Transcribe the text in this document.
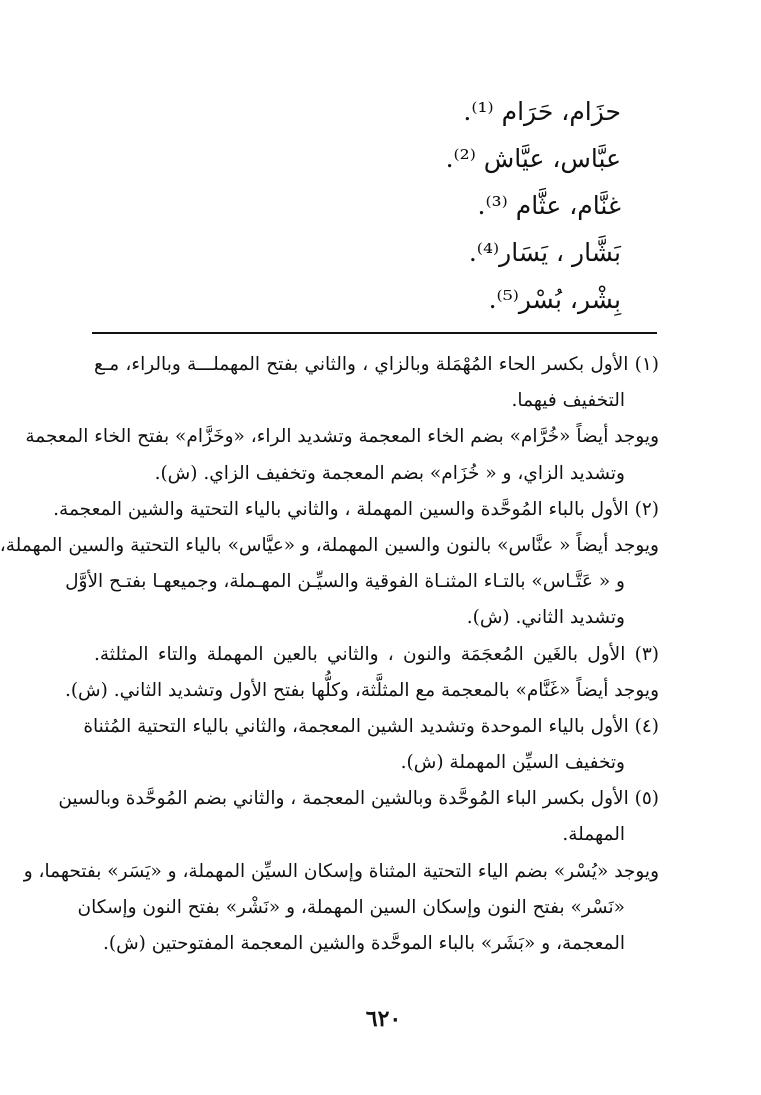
حزَام، حَرَام ⁽¹⁾.
عبَّاس، عيَّاش ⁽²⁾.
غنَّام، عثَّام ⁽³⁾.
بَشَّار ، يَسَار⁽⁴⁾.
بِشْر، بُسْر⁽⁵⁾.
(١) الأول بكسر الحاء المُهْمَلة وبالزاي ، والثاني بفتح المهملـــة وبالراء، مـع
التخفيف فيهما.
ويوجد أيضاً «خُرَّام» بضم الخاء المعجمة وتشديد الراء، «وخَزَّام» بفتح الخاء المعجمة
وتشديد الزاي، و « خُزَام» بضم المعجمة وتخفيف الزاي. (ش).
(٢) الأول بالباء المُوحَّدة والسين المهملة ، والثاني بالياء التحتية والشين المعجمة.
ويوجد أيضاً « عنَّاس» بالنون والسين المهملة، و «عيَّاس» بالياء التحتية والسين المهملة،
و « عَتَّـاس» بالتـاء المثنـاة الفوقية والسيِّـن المهـملة، وجميعهـا بفتـح الأوَّل
وتشديد الثاني. (ش).
(٣) الأول بالغَين المُعجَمَة والنون ، والثاني بالعين المهملة والتاء المثلثة.
ويوجد أيضاً «غَنَّام» بالمعجمة مع المثلَّثة، وكلُّها بفتح الأول وتشديد الثاني. (ش).
(٤) الأول بالياء الموحدة وتشديد الشين المعجمة، والثاني بالياء التحتية المُثناة
وتخفيف السيِّن المهملة (ش).
(٥) الأول بكسر الباء المُوحَّدة وبالشين المعجمة ، والثاني بضم المُوحَّدة وبالسين
المهملة.
ويوجد «يُسْر» بضم الياء التحتية المثناة وإسكان السيِّن المهملة، و «يَسَر» بفتحهما، و
«نَسْر» بفتح النون وإسكان السين المهملة، و «نَشْر» بفتح النون وإسكان
المعجمة، و «بَشَر» بالباء الموحَّدة والشين المعجمة المفتوحتين (ش).
٦٢٠
